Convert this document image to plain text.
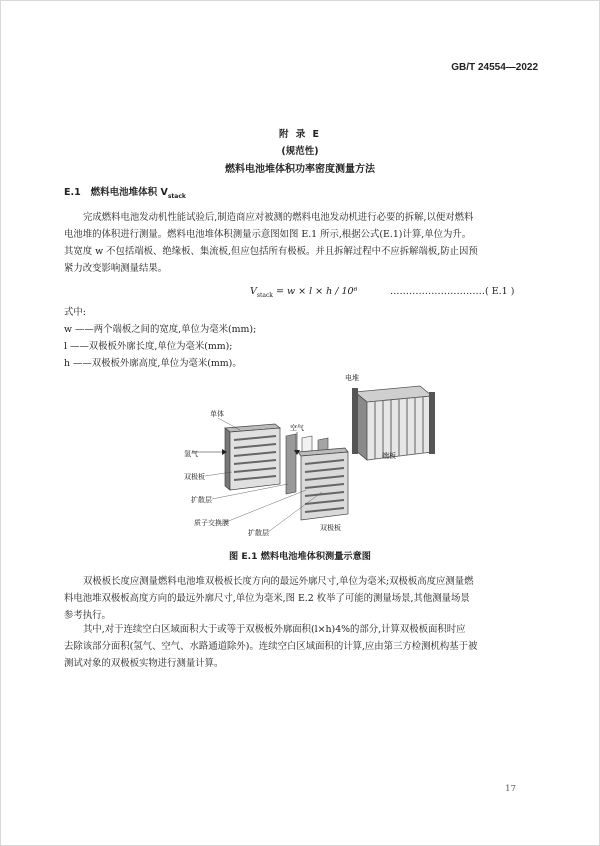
GB/T 24554—2022
附 录 E
(规范性)
燃料电池堆体积功率密度测量方法
E.1 燃料电池堆体积 $V_{stack}$

完成燃料电池发动机性能试验后,制造商应对被测的燃料电池发动机进行必要的拆解,以便对燃料

电池堆的体积进行测量。燃料电池堆体积测量示意图如图 E.1 所示,根据公式(E.1)计算,单位为升。
其宽度 w 不包括端板、绝缘板、集流板,但应包括所有极板。并且拆解过程中不应拆解端板,防止因预
紧力改变影响测量结果。
$V_{stack} = w \times l \times h / 10^6$	…………………………( E.1 )
式中:
w ——两个端板之间的宽度,单位为毫米(mm);
l ——双极板外廓长度,单位为毫米(mm);
h ——双极板外廓高度,单位为毫米(mm)。
电堆
端板
单体
空气
氢气
双极板
扩散层
质子交换膜
扩散层
双极板
图 E.1 燃料电池堆体积测量示意图

双极板长度应测量燃料电池堆双极板长度方向的最远外廓尺寸,单位为毫米;双极板高度应测量燃

料电池堆双极板高度方向的最远外廓尺寸,单位为毫米,图 E.2 枚举了可能的测量场景,其他测量场景
参考执行。

其中,对于连续空白区域面积大于或等于双极板外廓面积(l×h)4%的部分,计算双极板面积时应

去除该部分面积(氢气、空气、水路通道除外)。连续空白区域面积的计算,应由第三方检测机构基于被
测试对象的双极板实物进行测量计算。
17
